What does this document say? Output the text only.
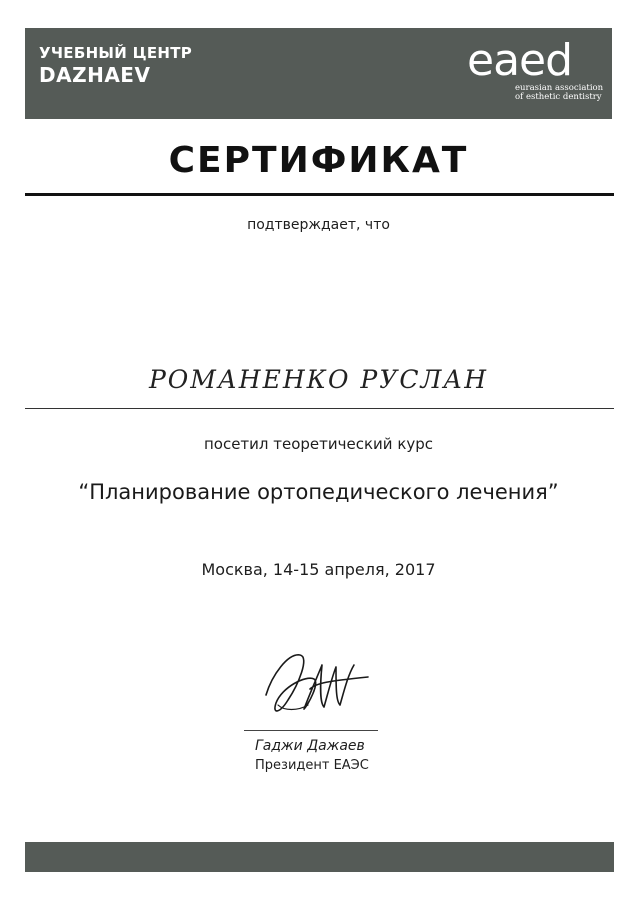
УЧЕБНЫЙ ЦЕНТР
DAZHAEV	eaed
eurasian association of esthetic dentistry
СЕРТИФИКАТ
подтверждает, что
РОМАНЕНКО РУСЛАН
посетил теоретический курс
“Планирование ортопедического лечения”
Москва, 14-15 апреля, 2017
Гаджи Дажаев
Президент ЕАЭС
